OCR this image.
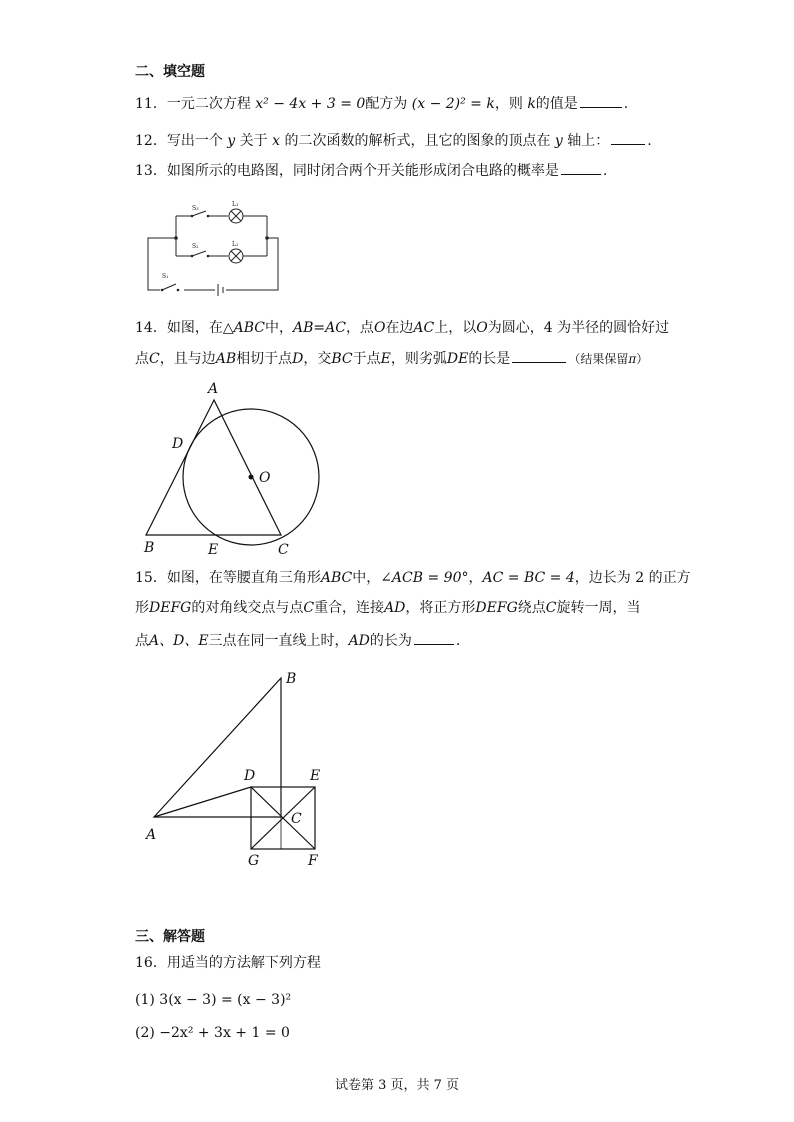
二、填空题
11．一元二次方程 x² − 4x + 3 = 0配方为 (x − 2)² = k，则 k的值是	.
12．写出一个 y 关于 x 的二次函数的解析式，且它的图象的顶点在 y 轴上：	.
13．如图所示的电路图，同时闭合两个开关能形成闭合电路的概率是	.
S₃
L₁
S₂	L₂
S₁
14．如图，在△ABC中，AB=AC，点O在边AC上，以O为圆心，4 为半径的圆恰好过
点C，且与边AB相切于点D，交BC于点E，则劣弧DE的长是	（结果保留π）
A
D
O
B	E	C
15．如图，在等腰直角三角形ABC中，∠ACB = 90°，AC = BC = 4，边长为 2 的正方
形DEFG的对角线交点与点C重合，连接AD，将正方形DEFG绕点C旋转一周，当
点A、D、E三点在同一直线上时，AD的长为	.
B
D	E
A
C
G	F
三、解答题
16．用适当的方法解下列方程
(1) 3(x − 3) = (x − 3)²
(2) −2x² + 3x + 1 = 0
试卷第 3 页，共 7 页
